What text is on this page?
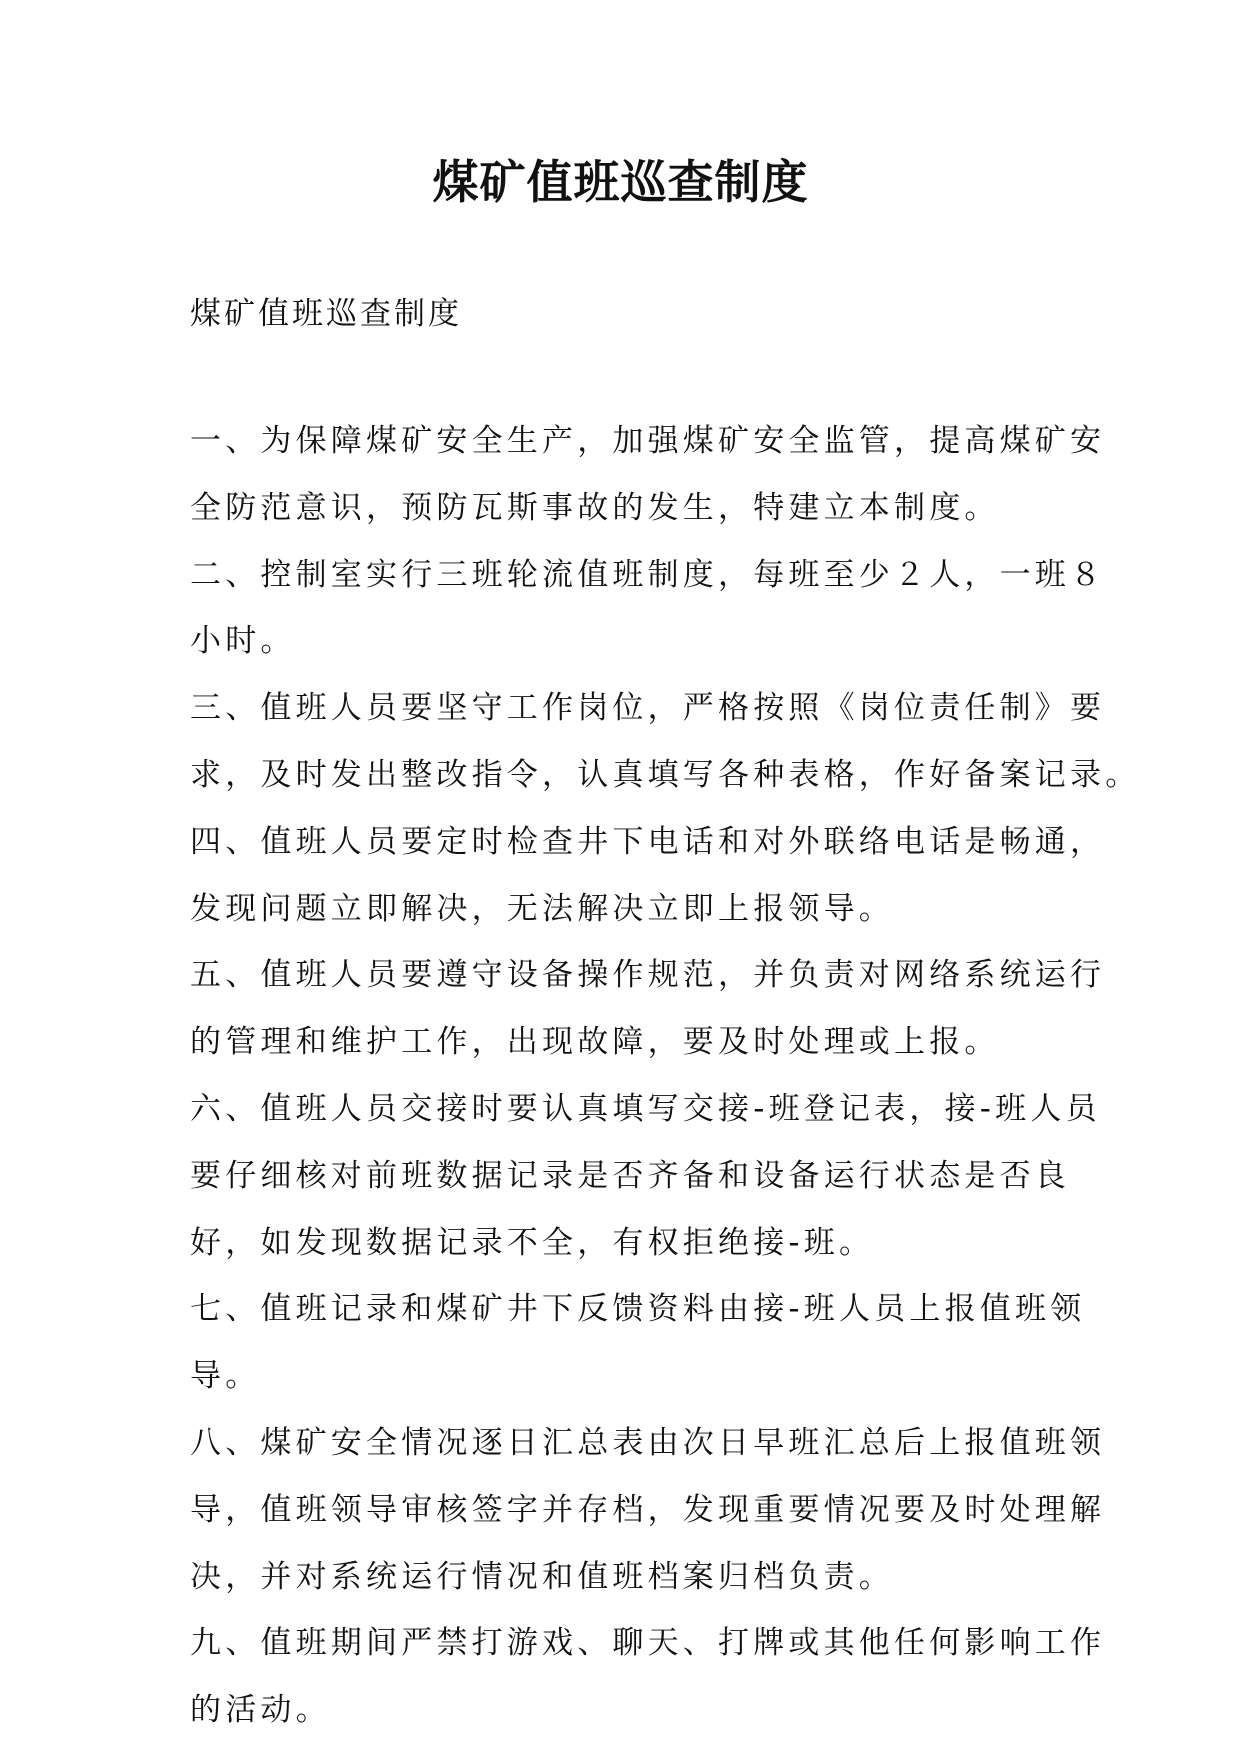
煤矿值班巡查制度

煤矿值班巡查制度

一、为保障煤矿安全生产，加强煤矿安全监管，提高煤矿安
全防范意识，预防瓦斯事故的发生，特建立本制度。

二、控制室实行三班轮流值班制度，每班至少２人，一班８
小时。

三、值班人员要坚守工作岗位，严格按照《岗位责任制》要
求，及时发出整改指令，认真填写各种表格，作好备案记录。

四、值班人员要定时检查井下电话和对外联络电话是畅通，
发现问题立即解决，无法解决立即上报领导。

五、值班人员要遵守设备操作规范，并负责对网络系统运行
的管理和维护工作，出现故障，要及时处理或上报。

六、值班人员交接时要认真填写交接-班登记表，接-班人员
要仔细核对前班数据记录是否齐备和设备运行状态是否良
好，如发现数据记录不全，有权拒绝接-班。

七、值班记录和煤矿井下反馈资料由接-班人员上报值班领
导。

八、煤矿安全情况逐日汇总表由次日早班汇总后上报值班领
导，值班领导审核签字并存档，发现重要情况要及时处理解
决，并对系统运行情况和值班档案归档负责。

九、值班期间严禁打游戏、聊天、打牌或其他任何影响工作
的活动。
